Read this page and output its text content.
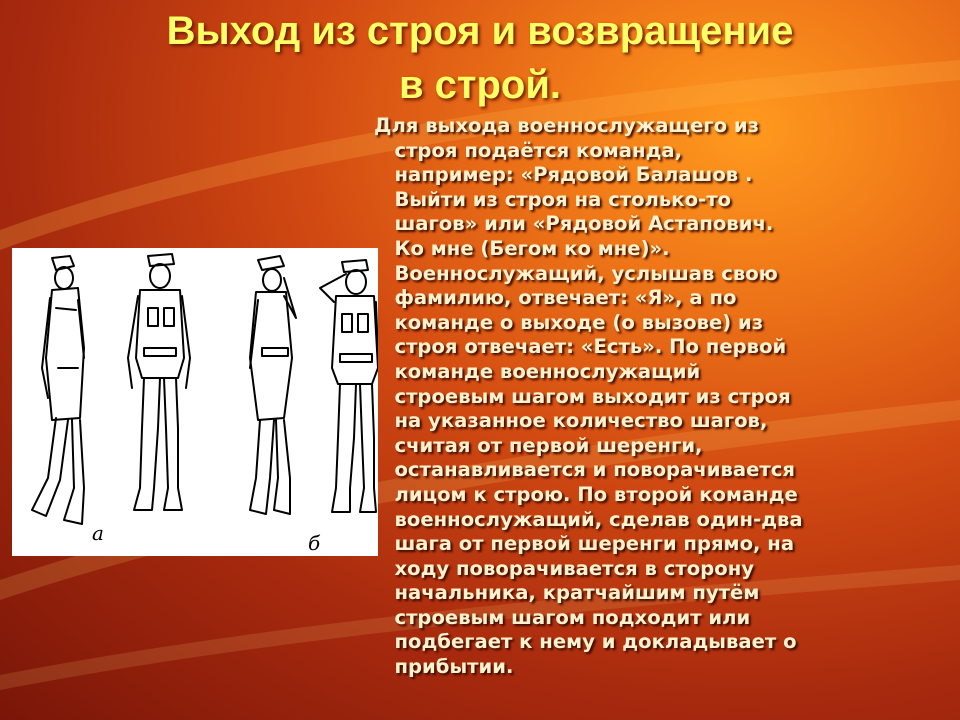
Выход из строя и возвращение
в строй.
а	б

Для выхода военнослужащего из
строя подаётся команда,
например: «Рядовой Балашов .
Выйти из строя на столько-то
шагов» или «Рядовой Астапович.
Ко мне (Бегом ко мне)».
Военнослужащий, услышав свою
фамилию, отвечает: «Я», а по
команде о выходе (о вызове) из
строя отвечает: «Есть». По первой
команде военнослужащий
строевым шагом выходит из строя
на указанное количество шагов,
считая от первой шеренги,
останавливается и поворачивается
лицом к строю. По второй команде
военнослужащий, сделав один-два
шага от первой шеренги прямо, на
ходу поворачивается в сторону
начальника, кратчайшим путём
строевым шагом подходит или
подбегает к нему и докладывает о
прибытии.
